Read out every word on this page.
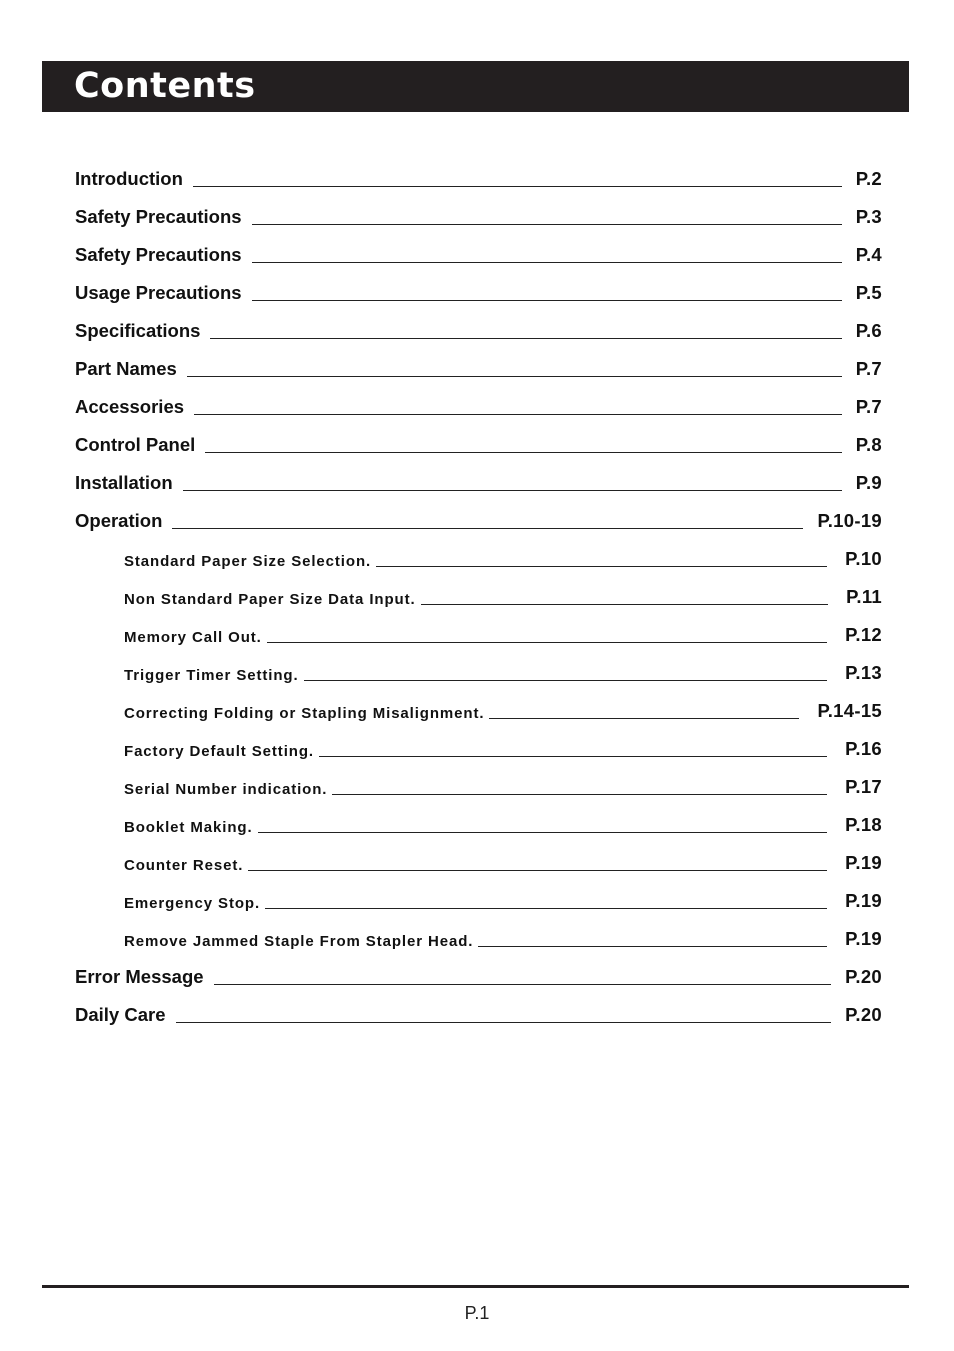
Contents
Introduction	P.2
Safety Precautions	P.3
Safety Precautions	P.4
Usage Precautions	P.5
Specifications	P.6
Part Names	P.7
Accessories	P.7
Control Panel	P.8
Installation	P.9
Operation	P.10-19
Standard Paper Size Selection.	P.10
Non Standard Paper Size Data Input.	P.11
Memory Call Out.	P.12
Trigger Timer Setting.	P.13
Correcting Folding or Stapling Misalignment.	P.14-15
Factory Default Setting.	P.16
Serial Number indication.	P.17
Booklet Making.	P.18
Counter Reset.	P.19
Emergency Stop.	P.19
Remove Jammed Staple From Stapler Head.	P.19
Error Message	P.20
Daily Care	P.20
P.1
